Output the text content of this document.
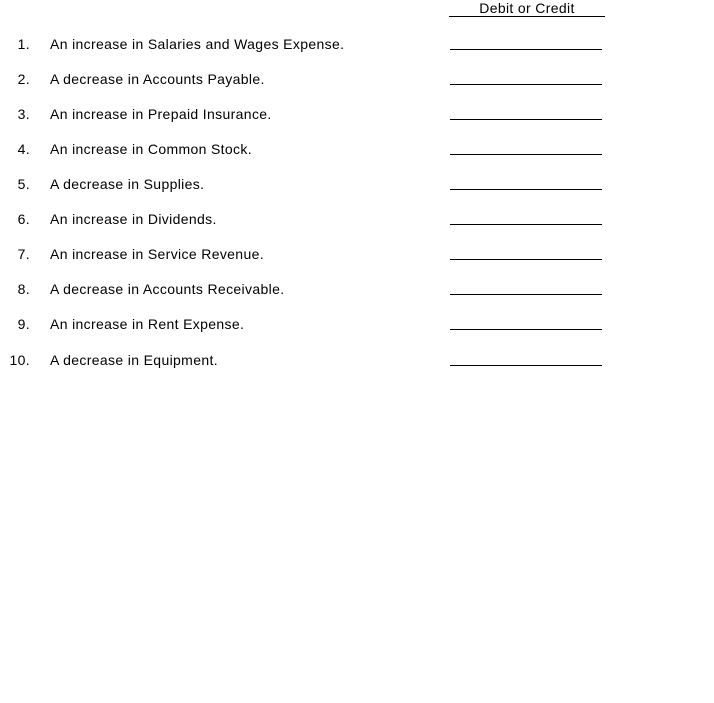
Debit or Credit
1. An increase in Salaries and Wages Expense.
2. A decrease in Accounts Payable.
3. An increase in Prepaid Insurance.
4. An increase in Common Stock.
5. A decrease in Supplies.
6. An increase in Dividends.
7. An increase in Service Revenue.
8. A decrease in Accounts Receivable.
9. An increase in Rent Expense.
10. A decrease in Equipment.
